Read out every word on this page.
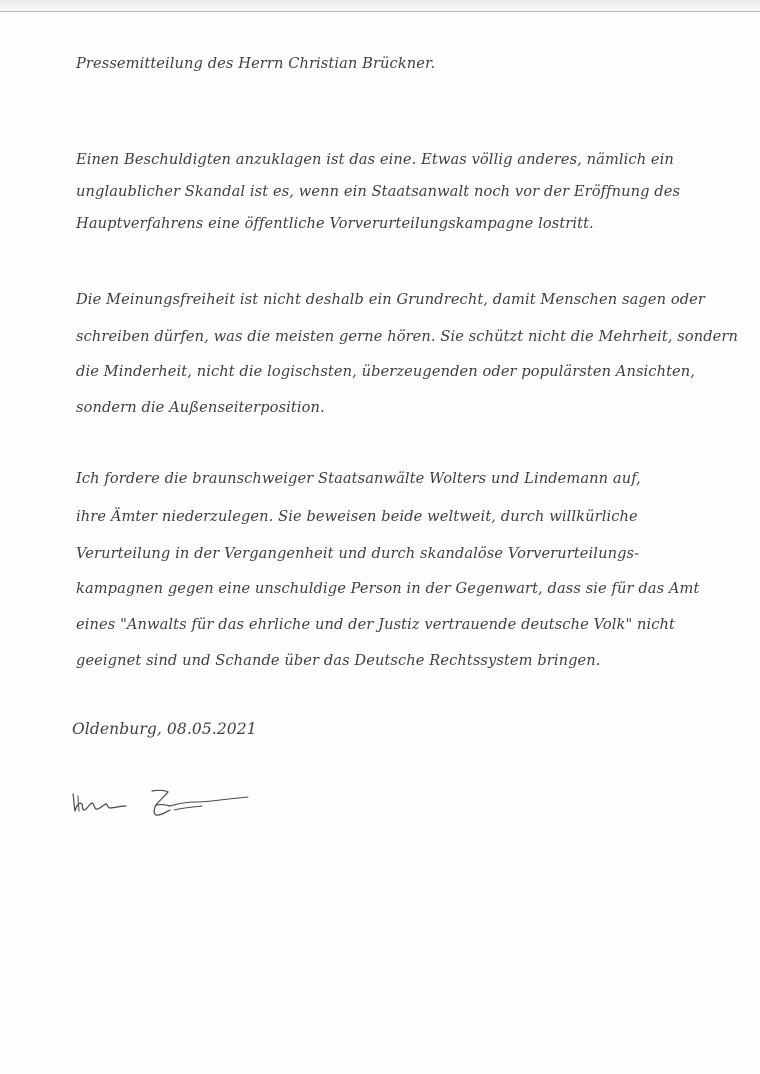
Pressemitteilung des Herrn Christian Brückner.

Einen Beschuldigten anzuklagen ist das eine. Etwas völlig anderes, nämlich ein

unglaublicher Skandal ist es, wenn ein Staatsanwalt noch vor der Eröffnung des

Hauptverfahrens eine öffentliche Vorverurteilungskampagne lostritt.

Die Meinungsfreiheit ist nicht deshalb ein Grundrecht, damit Menschen sagen oder

schreiben dürfen, was die meisten gerne hören. Sie schützt nicht die Mehrheit, sondern

die Minderheit, nicht die logischsten, überzeugenden oder populärsten Ansichten,

sondern die Außenseiterposition.

Ich fordere die braunschweiger Staatsanwälte Wolters und Lindemann auf,

ihre Ämter niederzulegen. Sie beweisen beide weltweit, durch willkürliche

Verurteilung in der Vergangenheit und durch skandalöse Vorverurteilungs-

kampagnen gegen eine unschuldige Person in der Gegenwart, dass sie für das Amt

eines "Anwalts für das ehrliche und der Justiz vertrauende deutsche Volk" nicht

geeignet sind und Schande über das Deutsche Rechtssystem bringen.

Oldenburg, 08.05.2021
